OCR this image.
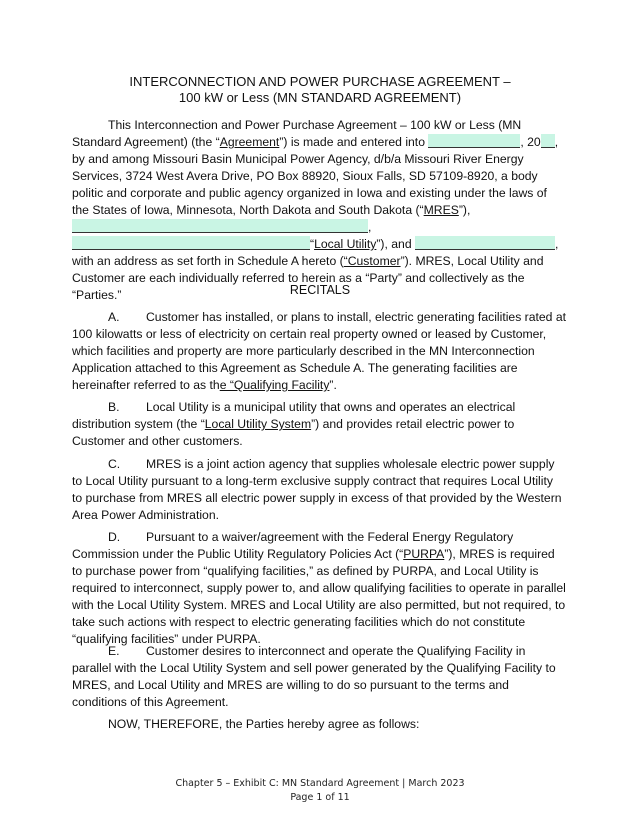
INTERCONNECTION AND POWER PURCHASE AGREEMENT –
100 kW or Less (MN STANDARD AGREEMENT)
This Interconnection and Power Purchase Agreement – 100 kW or Less (MN Standard Agreement) (the “Agreement”) is made and entered into	, 20 , by and among Missouri Basin Municipal Power Agency, d/b/a Missouri River Energy Services, 3724 West Avera Drive, PO Box 88920, Sioux Falls, SD 57109-8920, a body politic and corporate and public agency organized in Iowa and existing under the laws of the States of Iowa, Minnesota, North Dakota and South Dakota (“MRES”), , “Local Utility”), and	, with an address as set forth in Schedule A hereto (“Customer”). MRES, Local Utility and Customer are each individually referred to herein as a “Party” and collectively as the “Parties.”	RECITALS
A. Customer has installed, or plans to install, electric generating facilities rated at 100 kilowatts or less of electricity on certain real property owned or leased by Customer, which facilities and property are more particularly described in the MN Interconnection Application attached to this Agreement as Schedule A. The generating facilities are hereinafter referred to as the “Qualifying Facility”.
B. Local Utility is a municipal utility that owns and operates an electrical distribution system (the “Local Utility System”) and provides retail electric power to Customer and other customers.
C. MRES is a joint action agency that supplies wholesale electric power supply to Local Utility pursuant to a long-term exclusive supply contract that requires Local Utility to purchase from MRES all electric power supply in excess of that provided by the Western Area Power Administration.
D. Pursuant to a waiver/agreement with the Federal Energy Regulatory Commission under the Public Utility Regulatory Policies Act (“PURPA”), MRES is required to purchase power from “qualifying facilities,” as defined by PURPA, and Local Utility is required to interconnect, supply power to, and allow qualifying facilities to operate in parallel with the Local Utility System. MRES and Local Utility are also permitted, but not required, to take such actions with respect to electric generating facilities which do not constitute “qualifying facilities” under PURPA.
E. Customer desires to interconnect and operate the Qualifying Facility in parallel with the Local Utility System and sell power generated by the Qualifying Facility to MRES, and Local Utility and MRES are willing to do so pursuant to the terms and conditions of this Agreement.
NOW, THEREFORE, the Parties hereby agree as follows:
Chapter 5 – Exhibit C: MN Standard Agreement | March 2023
Page 1 of 11
